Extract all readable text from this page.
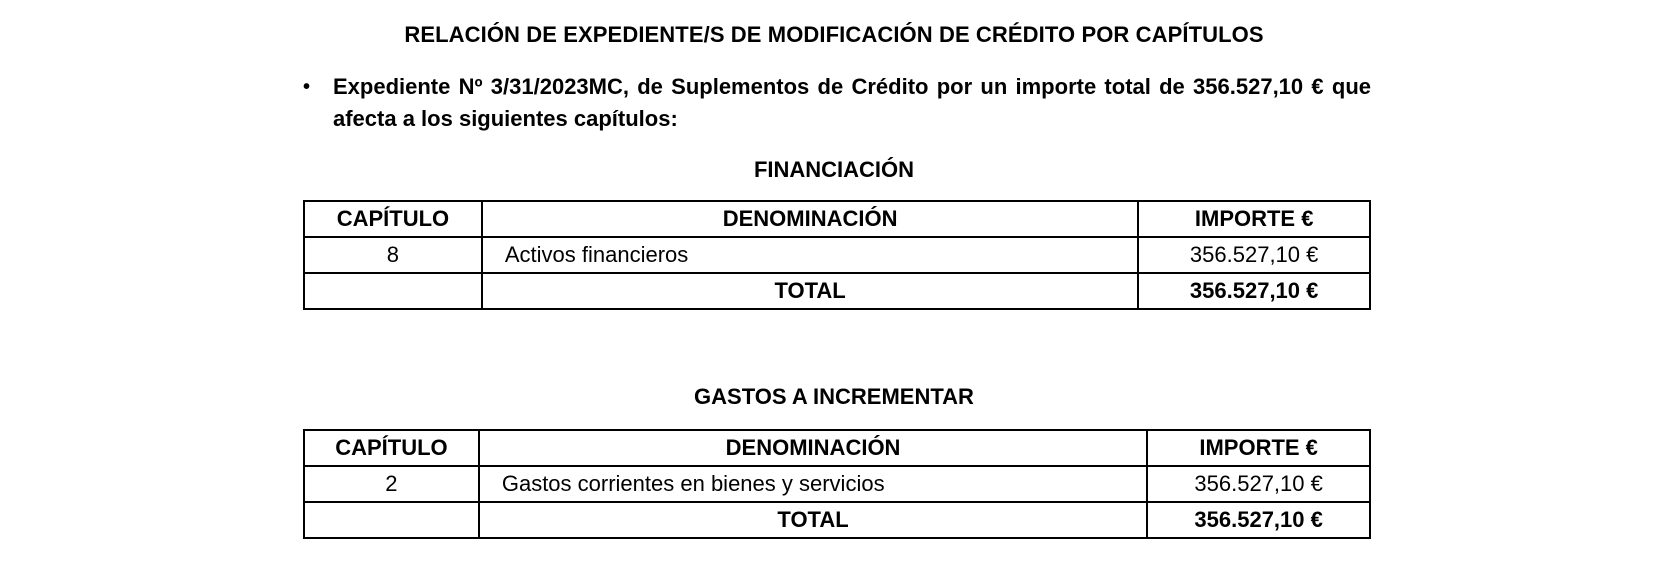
RELACIÓN DE EXPEDIENTE/S DE MODIFICACIÓN DE CRÉDITO POR CAPÍTULOS
•	Expediente Nº 3/31/2023MC, de Suplementos de Crédito por un importe total de 356.527,10 € que afecta a los siguientes capítulos:
FINANCIACIÓN
CAPÍTULO	DENOMINACIÓN	IMPORTE €
8	Activos financieros	356.527,10 €
	TOTAL	356.527,10 €
GASTOS A INCREMENTAR
CAPÍTULO	DENOMINACIÓN	IMPORTE €
2	Gastos corrientes en bienes y servicios	356.527,10 €
	TOTAL	356.527,10 €
